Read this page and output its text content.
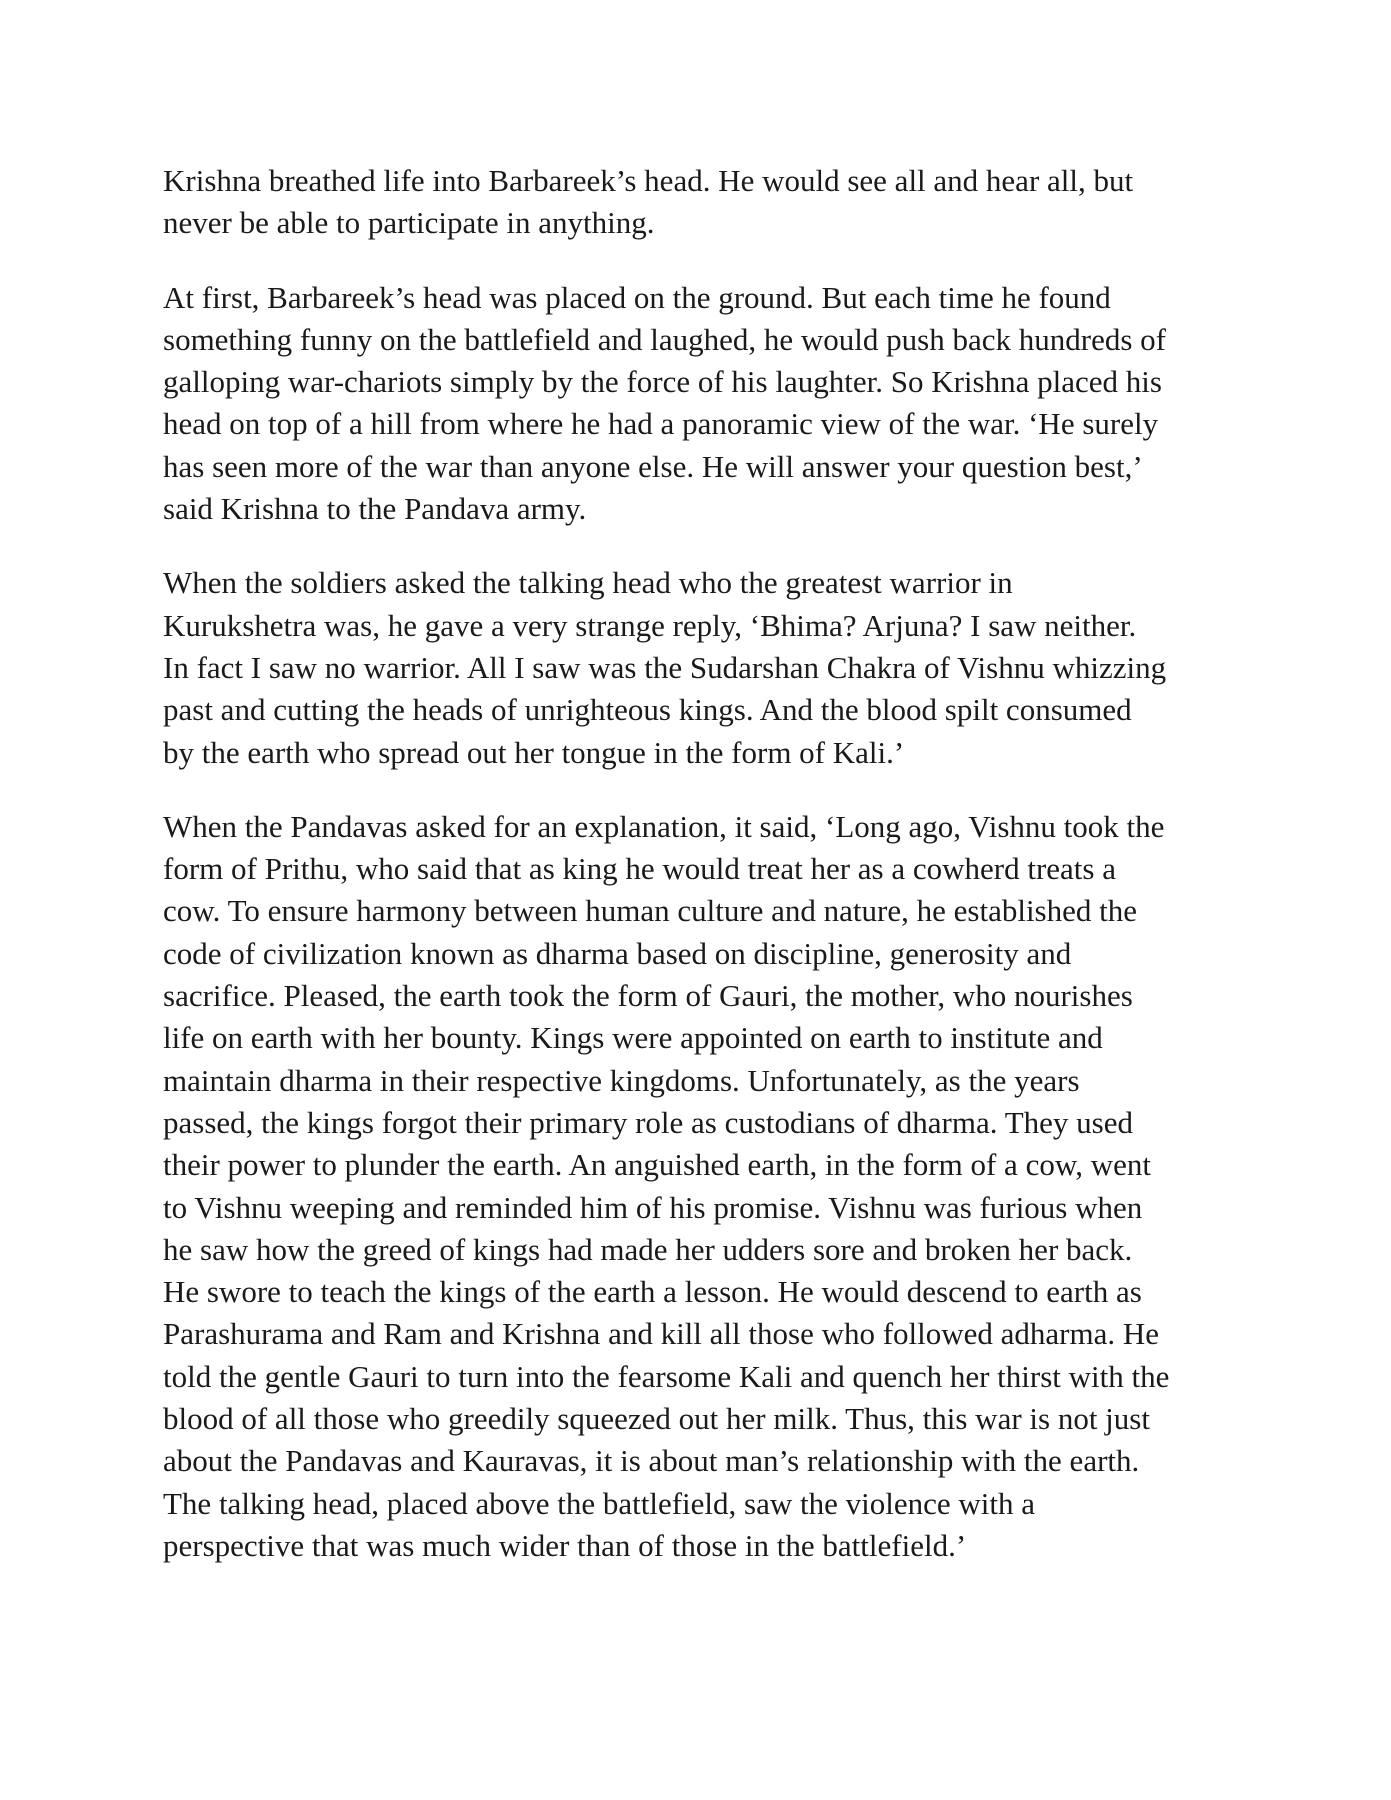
Krishna breathed life into Barbareek’s head. He would see all and hear all, but
never be able to participate in anything.

At first, Barbareek’s head was placed on the ground. But each time he found
something funny on the battlefield and laughed, he would push back hundreds of
galloping war-chariots simply by the force of his laughter. So Krishna placed his
head on top of a hill from where he had a panoramic view of the war. ‘He surely
has seen more of the war than anyone else. He will answer your question best,’
said Krishna to the Pandava army.

When the soldiers asked the talking head who the greatest warrior in
Kurukshetra was, he gave a very strange reply, ‘Bhima? Arjuna? I saw neither.
In fact I saw no warrior. All I saw was the Sudarshan Chakra of Vishnu whizzing
past and cutting the heads of unrighteous kings. And the blood spilt consumed
by the earth who spread out her tongue in the form of Kali.’

When the Pandavas asked for an explanation, it said, ‘Long ago, Vishnu took the
form of Prithu, who said that as king he would treat her as a cowherd treats a
cow. To ensure harmony between human culture and nature, he established the
code of civilization known as dharma based on discipline, generosity and
sacrifice. Pleased, the earth took the form of Gauri, the mother, who nourishes
life on earth with her bounty. Kings were appointed on earth to institute and
maintain dharma in their respective kingdoms. Unfortunately, as the years
passed, the kings forgot their primary role as custodians of dharma. They used
their power to plunder the earth. An anguished earth, in the form of a cow, went
to Vishnu weeping and reminded him of his promise. Vishnu was furious when
he saw how the greed of kings had made her udders sore and broken her back.
He swore to teach the kings of the earth a lesson. He would descend to earth as
Parashurama and Ram and Krishna and kill all those who followed adharma. He
told the gentle Gauri to turn into the fearsome Kali and quench her thirst with the
blood of all those who greedily squeezed out her milk. Thus, this war is not just
about the Pandavas and Kauravas, it is about man’s relationship with the earth.
The talking head, placed above the battlefield, saw the violence with a
perspective that was much wider than of those in the battlefield.’
